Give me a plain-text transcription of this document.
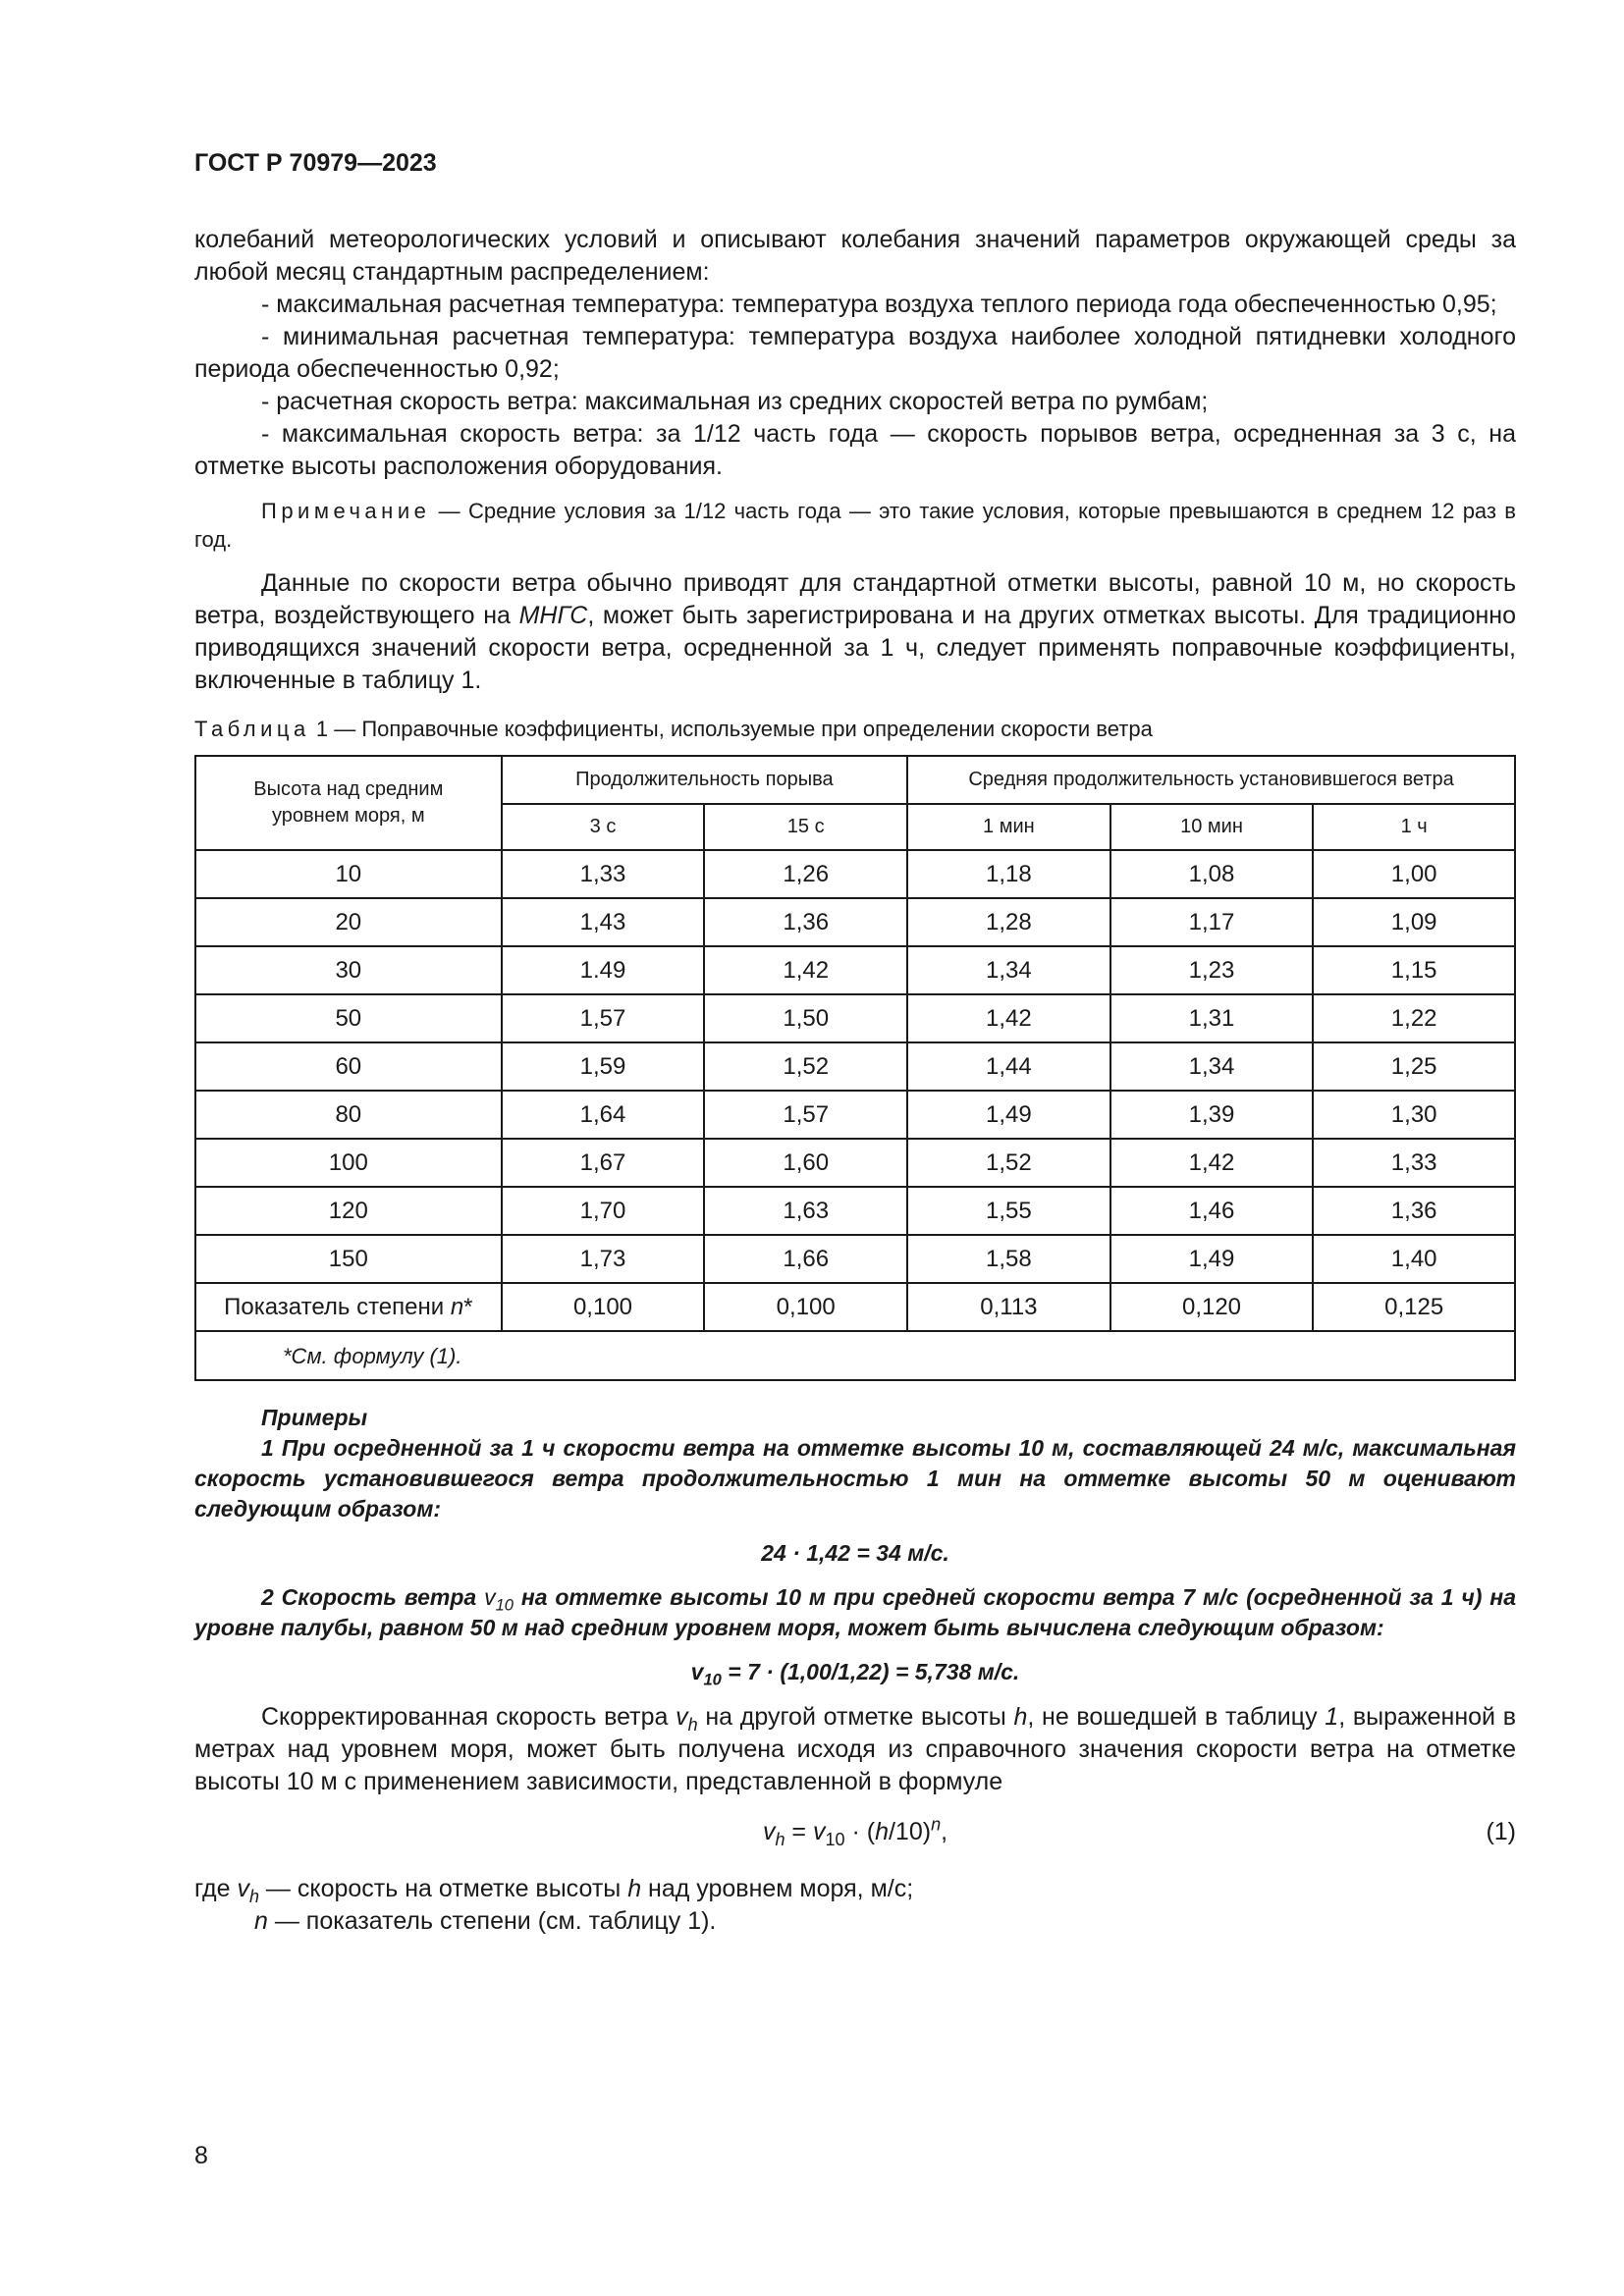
ГОСТ Р 70979—2023

колебаний метеорологических условий и описывают колебания значений параметров окружающей среды за любой месяц стандартным распределением:

- максимальная расчетная температура: температура воздуха теплого периода года обеспеченностью 0,95;

- минимальная расчетная температура: температура воздуха наиболее холодной пятидневки холодного периода обеспеченностью 0,92;

- расчетная скорость ветра: максимальная из средних скоростей ветра по румбам;

- максимальная скорость ветра: за 1/12 часть года — скорость порывов ветра, осредненная за 3 с, на отметке высоты расположения оборудования.

Примечание — Средние условия за 1/12 часть года — это такие условия, которые превышаются в среднем 12 раз в год.

Данные по скорости ветра обычно приводят для стандартной отметки высоты, равной 10 м, но скорость ветра, воздействующего на МНГС, может быть зарегистрирована и на других отметках высоты. Для традиционно приводящихся значений скорости ветра, осредненной за 1 ч, следует применять поправочные коэффициенты, включенные в таблицу 1.

Таблица 1 — Поправочные коэффициенты, используемые при определении скорости ветра

Высота над средним уровнем моря, м	Продолжительность порыва		Средняя продолжительность установившегося ветра		
	3 с	15 с	1 мин	10 мин	1 ч
10	1,33	1,26	1,18	1,08	1,00
20	1,43	1,36	1,28	1,17	1,09
30	1.49	1,42	1,34	1,23	1,15
50	1,57	1,50	1,42	1,31	1,22
60	1,59	1,52	1,44	1,34	1,25
80	1,64	1,57	1,49	1,39	1,30
100	1,67	1,60	1,52	1,42	1,33
120	1,70	1,63	1,55	1,46	1,36
150	1,73	1,66	1,58	1,49	1,40
Показатель степени n*	0,100	0,100	0,113	0,120	0,125
*См. формулу (1).					

Примеры

1 При осредненной за 1 ч скорости ветра на отметке высоты 10 м, составляющей 24 м/с, максимальная скорость установившегося ветра продолжительностью 1 мин на отметке высоты 50 м оценивают следующим образом:

24 · 1,42 = 34 м/с.

2 Скорость ветра $v_{10}$ на отметке высоты 10 м при средней скорости ветра 7 м/с (осредненной за 1 ч) на уровне палубы, равном 50 м над средним уровнем моря, может быть вычислена следующим образом:

$v_{10} = 7 \cdot (1,00/1,22) = 5,738$ м/с.

Скорректированная скорость ветра $v_h$ на другой отметке высоты h, не вошедшей в таблицу 1, выраженной в метрах над уровнем моря, может быть получена исходя из справочного значения скорости ветра на отметке высоты 10 м с применением зависимости, представленной в формуле

$v_h = v_{10} \cdot (h/10)^n$,	(1)

где $v_h$ — скорость на отметке высоты h над уровнем моря, м/с;

n — показатель степени (см. таблицу 1).

8
